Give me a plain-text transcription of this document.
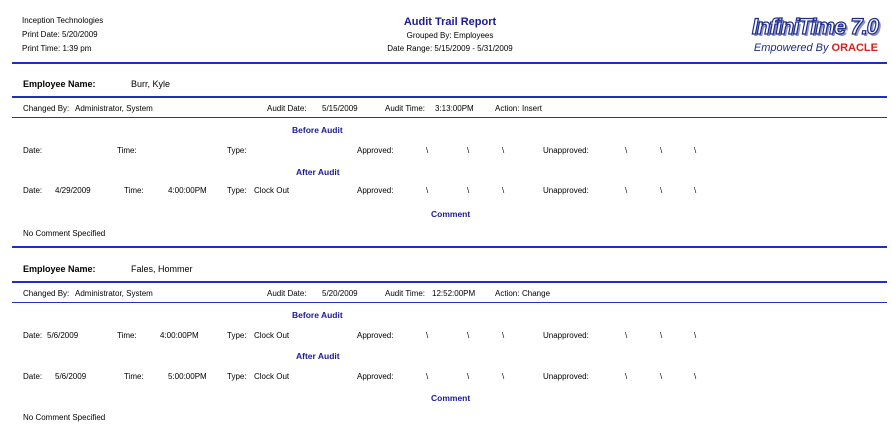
Inception Technologies
Print Date: 5/20/2009
Print Time: 1:39 pm
Audit Trail Report
Grouped By: Employees
Date Range: 5/15/2009 - 5/31/2009
InfiniTime 7.0
Empowered By ORACLE
Employee Name:	Burr, Kyle
Changed By: Administrator, System	Audit Date: 5/15/2009	Audit Time: 3:13:00PM	Action: Insert
Before Audit
Date:	Time:	Type:	Approved:	\	\	\	Unapproved:	\	\	\
After Audit
Date: 4/29/2009	Time:	4:00:00PM	Type: Clock Out	Approved:	\	\	\	Unapproved:	\	\	\
Comment
No Comment Specified
Employee Name:	Fales, Hommer
Changed By: Administrator, System	Audit Date: 5/20/2009	Audit Time: 12:52:00PM Action: Change
Before Audit
Date: 5/6/2009	Time:	4:00:00PM	Type: Clock Out	Approved:	\	\	\	Unapproved:	\	\	\
After Audit
Date: 5/6/2009	Time:	5:00:00PM	Type: Clock Out	Approved:	\	\	\	Unapproved:	\	\	\
Comment
No Comment Specified
